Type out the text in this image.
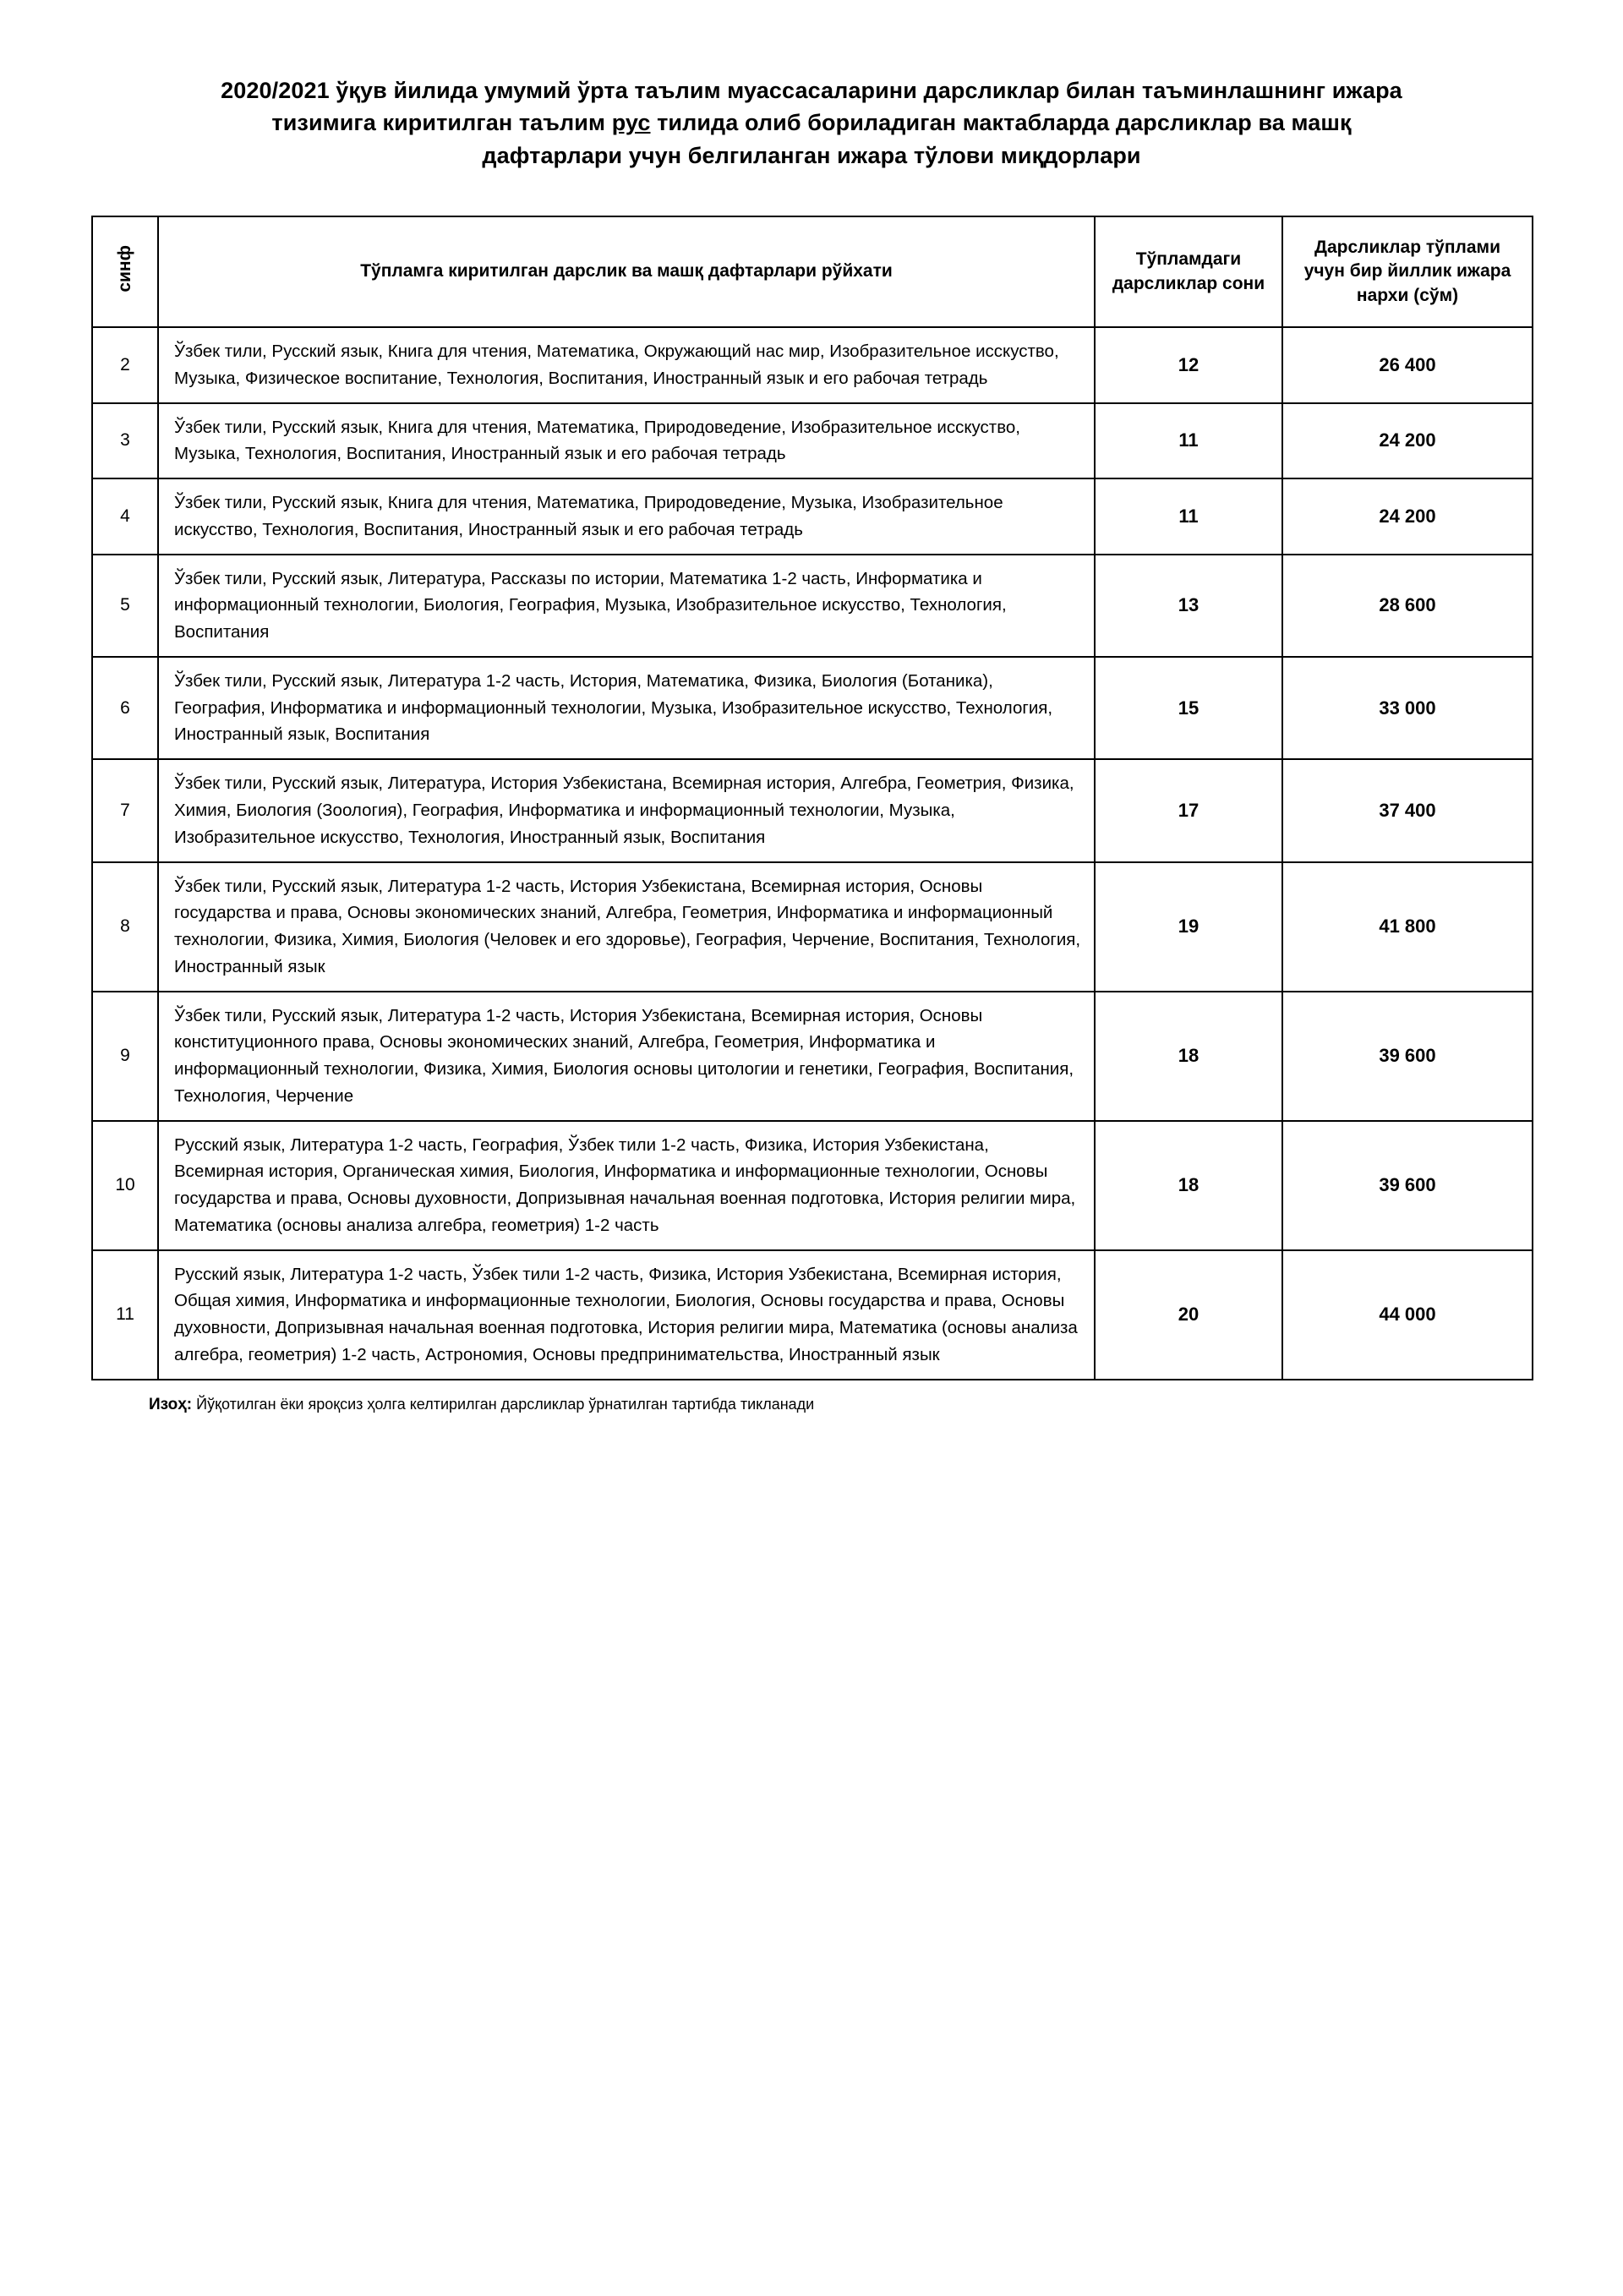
2020/2021 ўқув йилида умумий ўрта таълим муассасаларини дарсликлар билан таъминлашнинг ижара
тизимига киритилган таълим рус тилида олиб бориладиган мактабларда дарсликлар ва машқ
дафтарлари учун белгиланган ижара тўлови миқдорлари
синф	Тўпламга киритилган дарслик ва машқ дафтарлари рўйхати	Тўпламдаги дарсликлар сони	Дарсликлар тўплами учун бир йиллик ижара нархи (сўм)
2	Ўзбек тили, Русский язык, Книга для чтения, Математика, Окружающий нас мир, Изобразительное исскуство, Музыка, Физическое воспитание, Технология, Воспитания, Иностранный язык и его рабочая тетрадь	12	26 400
3	Ўзбек тили, Русский язык, Книга для чтения, Математика, Природоведение, Изобразительное исскуство, Музыка, Технология, Воспитания, Иностранный язык и его рабочая тетрадь	11	24 200
4	Ўзбек тили, Русский язык, Книга для чтения, Математика, Природоведение, Музыка, Изобразительное искусство, Технология, Воспитания, Иностранный язык и его рабочая тетрадь	11	24 200
5	Ўзбек тили, Русский язык, Литература, Рассказы по истории, Математика 1-2 часть, Информатика и информационный технологии, Биология, География, Музыка, Изобразительное искусство, Технология, Воспитания	13	28 600
6	Ўзбек тили, Русский язык, Литература 1-2 часть, История, Математика, Физика, Биология (Ботаника), География, Информатика и информационный технологии, Музыка, Изобразительное искусство, Технология, Иностранный язык, Воспитания	15	33 000
7	Ўзбек тили, Русский язык, Литература, История Узбекистана, Всемирная история, Алгебра, Геометрия, Физика, Химия, Биология (Зоология), География, Информатика и информационный технологии, Музыка, Изобразительное искусство, Технология, Иностранный язык, Воспитания	17	37 400
8	Ўзбек тили, Русский язык, Литература 1-2 часть, История Узбекистана, Всемирная история, Основы государства и права, Основы экономических знаний, Алгебра, Геометрия, Информатика и информационный технологии, Физика, Химия, Биология (Человек и его здоровье), География, Черчение, Воспитания, Технология, Иностранный язык	19	41 800
9	Ўзбек тили, Русский язык, Литература 1-2 часть, История Узбекистана, Всемирная история, Основы конституционного права, Основы экономических знаний, Алгебра, Геометрия, Информатика и информационный технологии, Физика, Химия, Биология основы цитологии и генетики, География, Воспитания, Технология, Черчение	18	39 600
10	Русский язык, Литература 1-2 часть, География, Ўзбек тили 1-2 часть, Физика, История Узбекистана, Всемирная история, Органическая химия, Биология, Информатика и информационные технологии, Основы государства и права, Основы духовности, Допризывная начальная военная подготовка, История религии мира, Математика (основы анализа алгебра, геометрия) 1-2 часть	18	39 600
11	Русский язык, Литература 1-2 часть, Ўзбек тили 1-2 часть, Физика, История Узбекистана, Всемирная история, Общая химия, Информатика и информационные технологии, Биология, Основы государства и права, Основы духовности, Допризывная начальная военная подготовка, История религии мира, Математика (основы анализа алгебра, геометрия) 1-2 часть, Астрономия, Основы предпринимательства, Иностранный язык	20	44 000
Изоҳ: Йўқотилган ёки яроқсиз ҳолга келтирилган дарсликлар ўрнатилган тартибда тикланади
